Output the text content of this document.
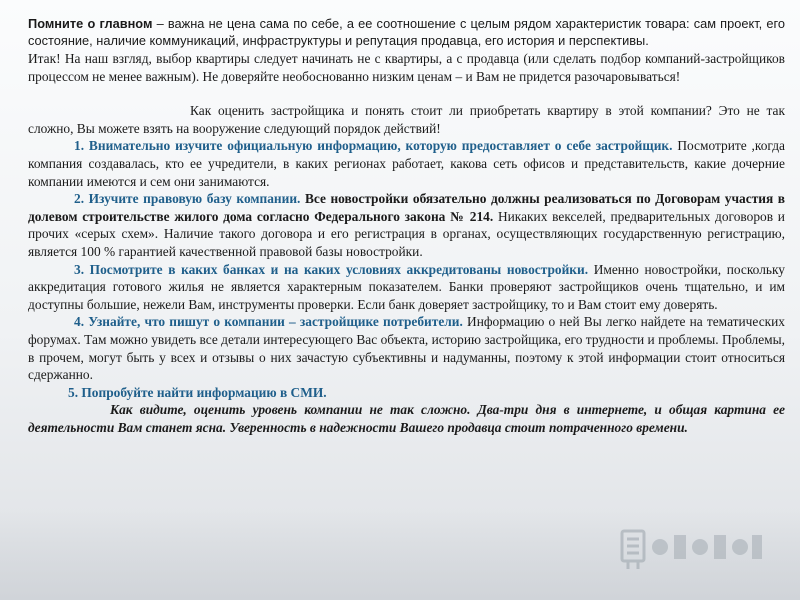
Помните о главном – важна не цена сама по себе, а ее соотношение с целым рядом характеристик товара: сам проект, его состояние, наличие коммуникаций, инфраструктуры и репутация продавца, его история и перспективы.

Итак! На наш взгляд, выбор квартиры следует начинать не с квартиры, а с продавца (или сделать подбор компаний-застройщиков процессом не менее важным). Не доверяйте необоснованно низким ценам – и Вам не придется разочаровываться!

Как оценить застройщика и понять стоит ли приобретать квартиру в этой компании? Это не так сложно, Вы можете взять на вооружение следующий порядок действий!

1. Внимательно изучите официальную информацию, которую предоставляет о себе застройщик. Посмотрите ,когда компания создавалась, кто ее учредители, в каких регионах работает, какова сеть офисов и представительств, какие дочерние компании имеются и сем они занимаются.

2. Изучите правовую базу компании. Все новостройки обязательно должны реализоваться по Договорам участия в долевом строительстве жилого дома согласно Федерального закона № 214. Никаких векселей, предварительных договоров и прочих «серых схем». Наличие такого договора и его регистрация в органах, осуществляющих государственную регистрацию, является 100 % гарантией качественной правовой базы новостройки.

3. Посмотрите в каких банках и на каких условиях аккредитованы новостройки. Именно новостройки, поскольку аккредитация готового жилья не является характерным показателем. Банки проверяют застройщиков очень тщательно, и им доступны большие, нежели Вам, инструменты проверки. Если банк доверяет застройщику, то и Вам стоит ему доверять.

4. Узнайте, что пишут о компании – застройщике потребители. Информацию о ней Вы легко найдете на тематических форумах. Там можно увидеть все детали интересующего Вас объекта, историю застройщика, его трудности и проблемы. Проблемы, в прочем, могут быть у всех и отзывы о них зачастую субъективны и надуманны, поэтому к этой информации стоит относиться сдержанно.

5. Попробуйте найти информацию в СМИ.

Как видите, оценить уровень компании не так сложно. Два-три дня в интернете, и общая картина ее деятельности Вам станет ясна. Уверенность в надежности Вашего продавца стоит потраченного времени.
